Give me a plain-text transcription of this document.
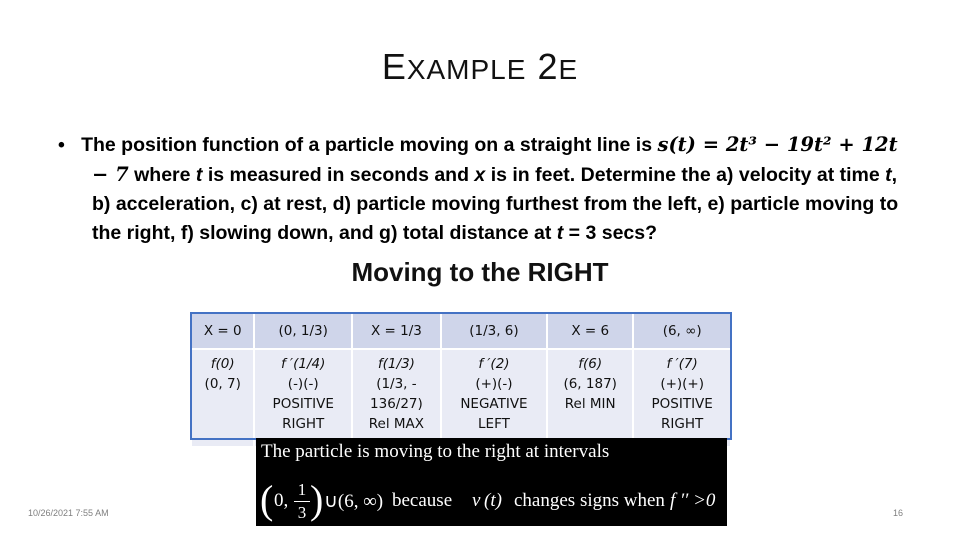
EXAMPLE 2E
• The position function of a particle moving on a straight line is s(t) = 2t³ − 19t² + 12t − 7 where t is measured in seconds and x is in feet. Determine the a) velocity at time t, b) acceleration, c) at rest, d) particle moving furthest from the left, e) particle moving to the right, f) slowing down, and g) total distance at t = 3 secs?
Moving to the RIGHT
X = 0	(0, 1/3)	X = 1/3	(1/3, 6)	X = 6	(6, ∞)
f(0)
(0, 7)	f ′(1/4)
(-)(-)
POSITIVE
RIGHT	f(1/3)
(1/3, -
136/27)
Rel MAX	f ′(2)
(+)(-)
NEGATIVE
LEFT	f(6)
(6, 187)
Rel MIN	f ′(7)
(+)(+)
POSITIVE
RIGHT
The particle is moving to the right at intervals
( 0,
1
3 ) ∪(6, ∞) because v (t) changes signs when f ′′ >0
10/26/2021 7:55 AM	16
